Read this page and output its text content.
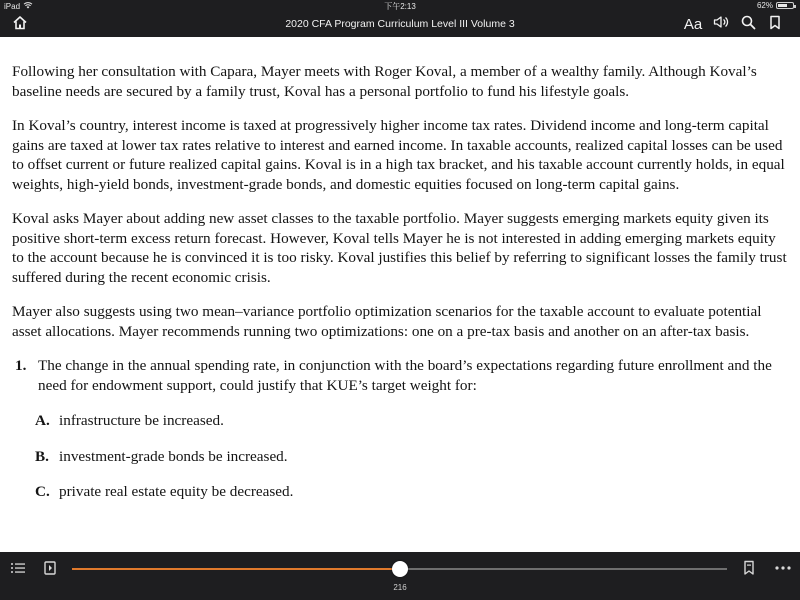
iPad	下午2:13	62%
2020 CFA Program Curriculum Level III Volume 3	Aa

Following her consultation with Capara, Mayer meets with Roger Koval, a member of a wealthy family. Although Koval’s baseline needs are secured by a family trust, Koval has a personal portfolio to fund his lifestyle goals.

In Koval’s country, interest income is taxed at progressively higher income tax rates. Dividend income and long-term capital gains are taxed at lower tax rates relative to interest and earned income. In taxable accounts, realized capital losses can be used to offset current or future realized capital gains. Koval is in a high tax bracket, and his taxable account currently holds, in equal weights, high-yield bonds, investment-grade bonds, and domestic equities focused on long-term capital gains.

Koval asks Mayer about adding new asset classes to the taxable portfolio. Mayer suggests emerging markets equity given its positive short-term excess return forecast. However, Koval tells Mayer he is not interested in adding emerging markets equity to the account because he is convinced it is too risky. Koval justifies this belief by referring to significant losses the family trust suffered during the recent economic crisis.

Mayer also suggests using two mean–variance portfolio optimization scenarios for the taxable account to evaluate potential asset allocations. Mayer recommends running two optimizations: one on a pre-tax basis and another on an after-tax basis.

1. The change in the annual spending rate, in conjunction with the board’s expectations regarding future enrollment and the need for endowment support, could justify that KUE’s target weight for:
A. infrastructure be increased.
B. investment-grade bonds be increased.
C. private real estate equity be decreased.
216
